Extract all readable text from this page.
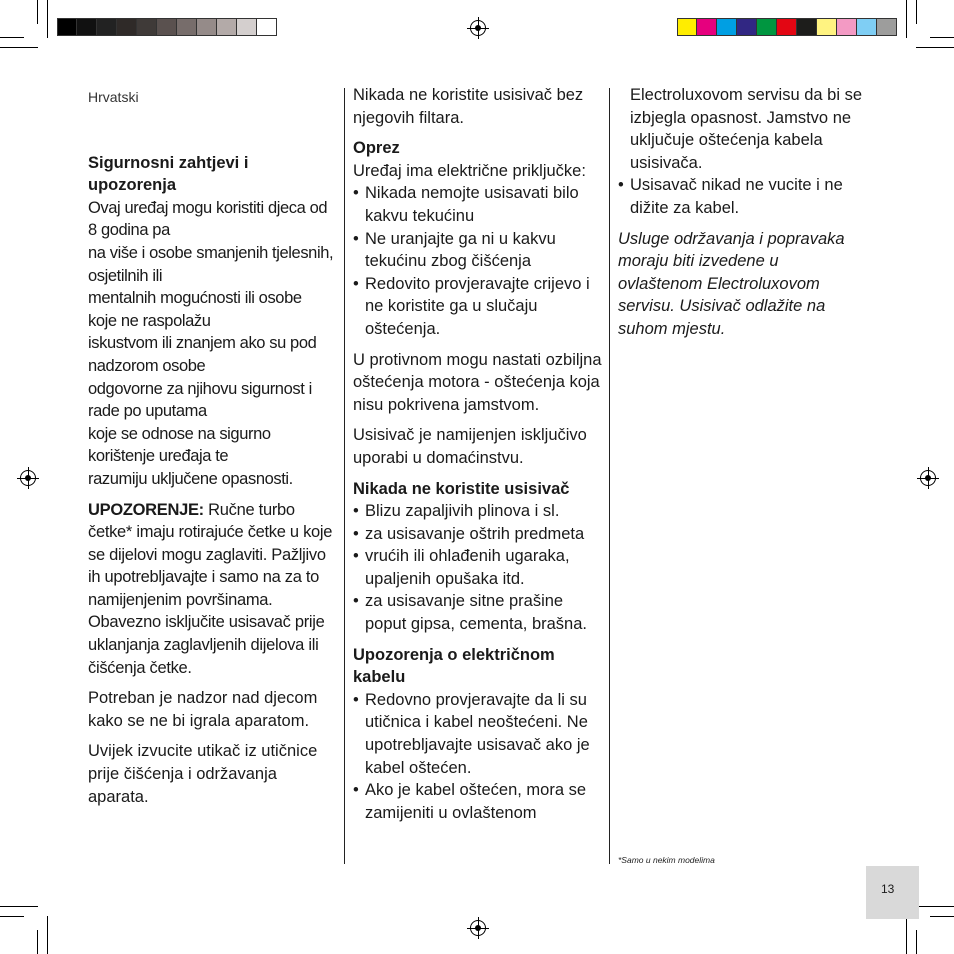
Hrvatski
Sigurnosni zahtjevi i upozorenja

Ovaj uređaj mogu koristiti djeca od 8 godina pa
na više i osobe smanjenih tjelesnih, osjetilnih ili
mentalnih mogućnosti ili osobe koje ne raspolažu
iskustvom ili znanjem ako su pod nadzorom osobe
odgovorne za njihovu sigurnost i rade po uputama
koje se odnose na sigurno korištenje uređaja te
razumiju uključene opasnosti.

UPOZORENJE: Ručne turbo četke* imaju rotirajuće četke u koje se dijelovi mogu zaglaviti. Pažljivo ih upotrebljavajte i samo na za to namijenjenim površinama. Obavezno isključite usisavač prije uklanjanja zaglavljenih dijelova ili čišćenja četke.

Potreban je nadzor nad djecom kako se ne bi igrala aparatom.

Uvijek izvucite utikač iz utičnice prije čišćenja i održavanja aparata.

Nikada ne koristite usisivač bez njegovih filtara.

Oprez
Uređaj ima električne priključke:
• Nikada nemojte usisavati bilo kakvu tekućinu
• Ne uranjajte ga ni u kakvu tekućinu zbog čišćenja
• Redovito provjeravajte crijevo i ne koristite ga u slučaju oštećenja.

U protivnom mogu nastati ozbiljna oštećenja motora - oštećenja koja nisu pokrivena jamstvom.

Usisivač je namijenjen isključivo uporabi u domaćinstvu.

Nikada ne koristite usisivač
• Blizu zapaljivih plinova i sl.
• za usisavanje oštrih predmeta
• vrućih ili ohlađenih ugaraka, upaljenih opušaka itd.
• za usisavanje sitne prašine poput gipsa, cementa, brašna.
Upozorenja o električnom kabelu
• Redovno provjeravajte da li su utičnica i kabel neoštećeni. Ne upotrebljavajte usisavač ako je kabel oštećen.
• Ako je kabel oštećen, mora se zamijeniti u ovlaštenom
Electroluxovom servisu da bi se izbjegla opasnost. Jamstvo ne uključuje oštećenja kabela usisivača.
• Usisavač nikad ne vucite i ne dižite za kabel.

Usluge održavanja i popravaka moraju biti izvedene u ovlaštenom Electroluxovom servisu. Usisivač odlažite na suhom mjestu.

*Samo u nekim modelima
13
